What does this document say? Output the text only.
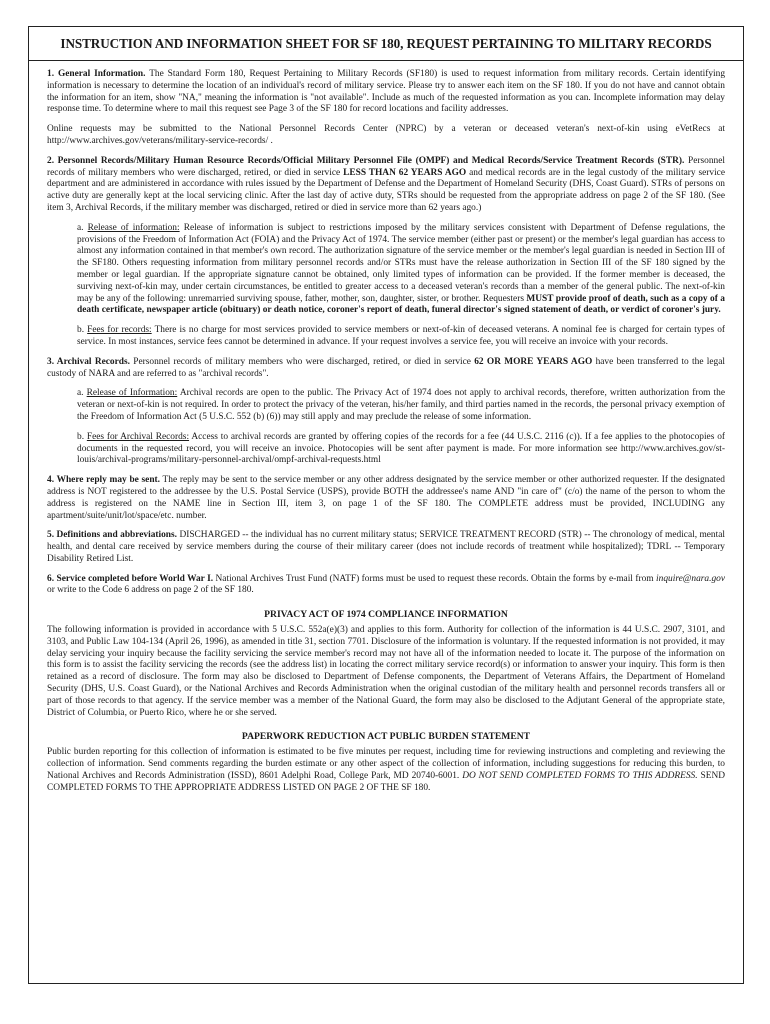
INSTRUCTION AND INFORMATION SHEET FOR SF 180, REQUEST PERTAINING TO MILITARY RECORDS

1. General Information. The Standard Form 180, Request Pertaining to Military Records (SF180) is used to request information from military records. Certain identifying information is necessary to determine the location of an individual's record of military service. Please try to answer each item on the SF 180. If you do not have and cannot obtain the information for an item, show "NA," meaning the information is "not available". Include as much of the requested information as you can. Incomplete information may delay response time. To determine where to mail this request see Page 3 of the SF 180 for record locations and facility addresses.

Online requests may be submitted to the National Personnel Records Center (NPRC) by a veteran or deceased veteran's next-of-kin using eVetRecs at http://www.archives.gov/veterans/military-service-records/ .

2. Personnel Records/Military Human Resource Records/Official Military Personnel File (OMPF) and Medical Records/Service Treatment Records (STR). Personnel records of military members who were discharged, retired, or died in service LESS THAN 62 YEARS AGO and medical records are in the legal custody of the military service department and are administered in accordance with rules issued by the Department of Defense and the Department of Homeland Security (DHS, Coast Guard). STRs of persons on active duty are generally kept at the local servicing clinic. After the last day of active duty, STRs should be requested from the appropriate address on page 2 of the SF 180. (See item 3, Archival Records, if the military member was discharged, retired or died in service more than 62 years ago.)

a. Release of information: Release of information is subject to restrictions imposed by the military services consistent with Department of Defense regulations, the provisions of the Freedom of Information Act (FOIA) and the Privacy Act of 1974. The service member (either past or present) or the member's legal guardian has access to almost any information contained in that member's own record. The authorization signature of the service member or the member's legal guardian is needed in Section III of the SF180. Others requesting information from military personnel records and/or STRs must have the release authorization in Section III of the SF 180 signed by the member or legal guardian. If the appropriate signature cannot be obtained, only limited types of information can be provided. If the former member is deceased, the surviving next-of-kin may, under certain circumstances, be entitled to greater access to a deceased veteran's records than a member of the general public. The next-of-kin may be any of the following: unremarried surviving spouse, father, mother, son, daughter, sister, or brother. Requesters MUST provide proof of death, such as a copy of a death certificate, newspaper article (obituary) or death notice, coroner's report of death, funeral director's signed statement of death, or verdict of coroner's jury.

b. Fees for records: There is no charge for most services provided to service members or next-of-kin of deceased veterans. A nominal fee is charged for certain types of service. In most instances, service fees cannot be determined in advance. If your request involves a service fee, you will receive an invoice with your records.

3. Archival Records. Personnel records of military members who were discharged, retired, or died in service 62 OR MORE YEARS AGO have been transferred to the legal custody of NARA and are referred to as "archival records".

a. Release of Information: Archival records are open to the public. The Privacy Act of 1974 does not apply to archival records, therefore, written authorization from the veteran or next-of-kin is not required. In order to protect the privacy of the veteran, his/her family, and third parties named in the records, the personal privacy exemption of the Freedom of Information Act (5 U.S.C. 552 (b) (6)) may still apply and may preclude the release of some information.

b. Fees for Archival Records: Access to archival records are granted by offering copies of the records for a fee (44 U.S.C. 2116 (c)). If a fee applies to the photocopies of documents in the requested record, you will receive an invoice. Photocopies will be sent after payment is made. For more information see http://www.archives.gov/st-louis/archival-programs/military-personnel-archival/ompf-archival-requests.html

4. Where reply may be sent. The reply may be sent to the service member or any other address designated by the service member or other authorized requester. If the designated address is NOT registered to the addressee by the U.S. Postal Service (USPS), provide BOTH the addressee's name AND "in care of" (c/o) the name of the person to whom the address is registered on the NAME line in Section III, item 3, on page 1 of the SF 180. The COMPLETE address must be provided, INCLUDING any apartment/suite/unit/lot/space/etc. number.

5. Definitions and abbreviations. DISCHARGED -- the individual has no current military status; SERVICE TREATMENT RECORD (STR) -- The chronology of medical, mental health, and dental care received by service members during the course of their military career (does not include records of treatment while hospitalized); TDRL -- Temporary Disability Retired List.

6. Service completed before World War I. National Archives Trust Fund (NATF) forms must be used to request these records. Obtain the forms by e-mail from inquire@nara.gov or write to the Code 6 address on page 2 of the SF 180.

PRIVACY ACT OF 1974 COMPLIANCE INFORMATION

The following information is provided in accordance with 5 U.S.C. 552a(e)(3) and applies to this form. Authority for collection of the information is 44 U.S.C. 2907, 3101, and 3103, and Public Law 104-134 (April 26, 1996), as amended in title 31, section 7701. Disclosure of the information is voluntary. If the requested information is not provided, it may delay servicing your inquiry because the facility servicing the service member's record may not have all of the information needed to locate it. The purpose of the information on this form is to assist the facility servicing the records (see the address list) in locating the correct military service record(s) or information to answer your inquiry. This form is then retained as a record of disclosure. The form may also be disclosed to Department of Defense components, the Department of Veterans Affairs, the Department of Homeland Security (DHS, U.S. Coast Guard), or the National Archives and Records Administration when the original custodian of the military health and personnel records transfers all or part of those records to that agency. If the service member was a member of the National Guard, the form may also be disclosed to the Adjutant General of the appropriate state, District of Columbia, or Puerto Rico, where he or she served.

PAPERWORK REDUCTION ACT PUBLIC BURDEN STATEMENT

Public burden reporting for this collection of information is estimated to be five minutes per request, including time for reviewing instructions and completing and reviewing the collection of information. Send comments regarding the burden estimate or any other aspect of the collection of information, including suggestions for reducing this burden, to National Archives and Records Administration (ISSD), 8601 Adelphi Road, College Park, MD 20740-6001. DO NOT SEND COMPLETED FORMS TO THIS ADDRESS. SEND COMPLETED FORMS TO THE APPROPRIATE ADDRESS LISTED ON PAGE 2 OF THE SF 180.
